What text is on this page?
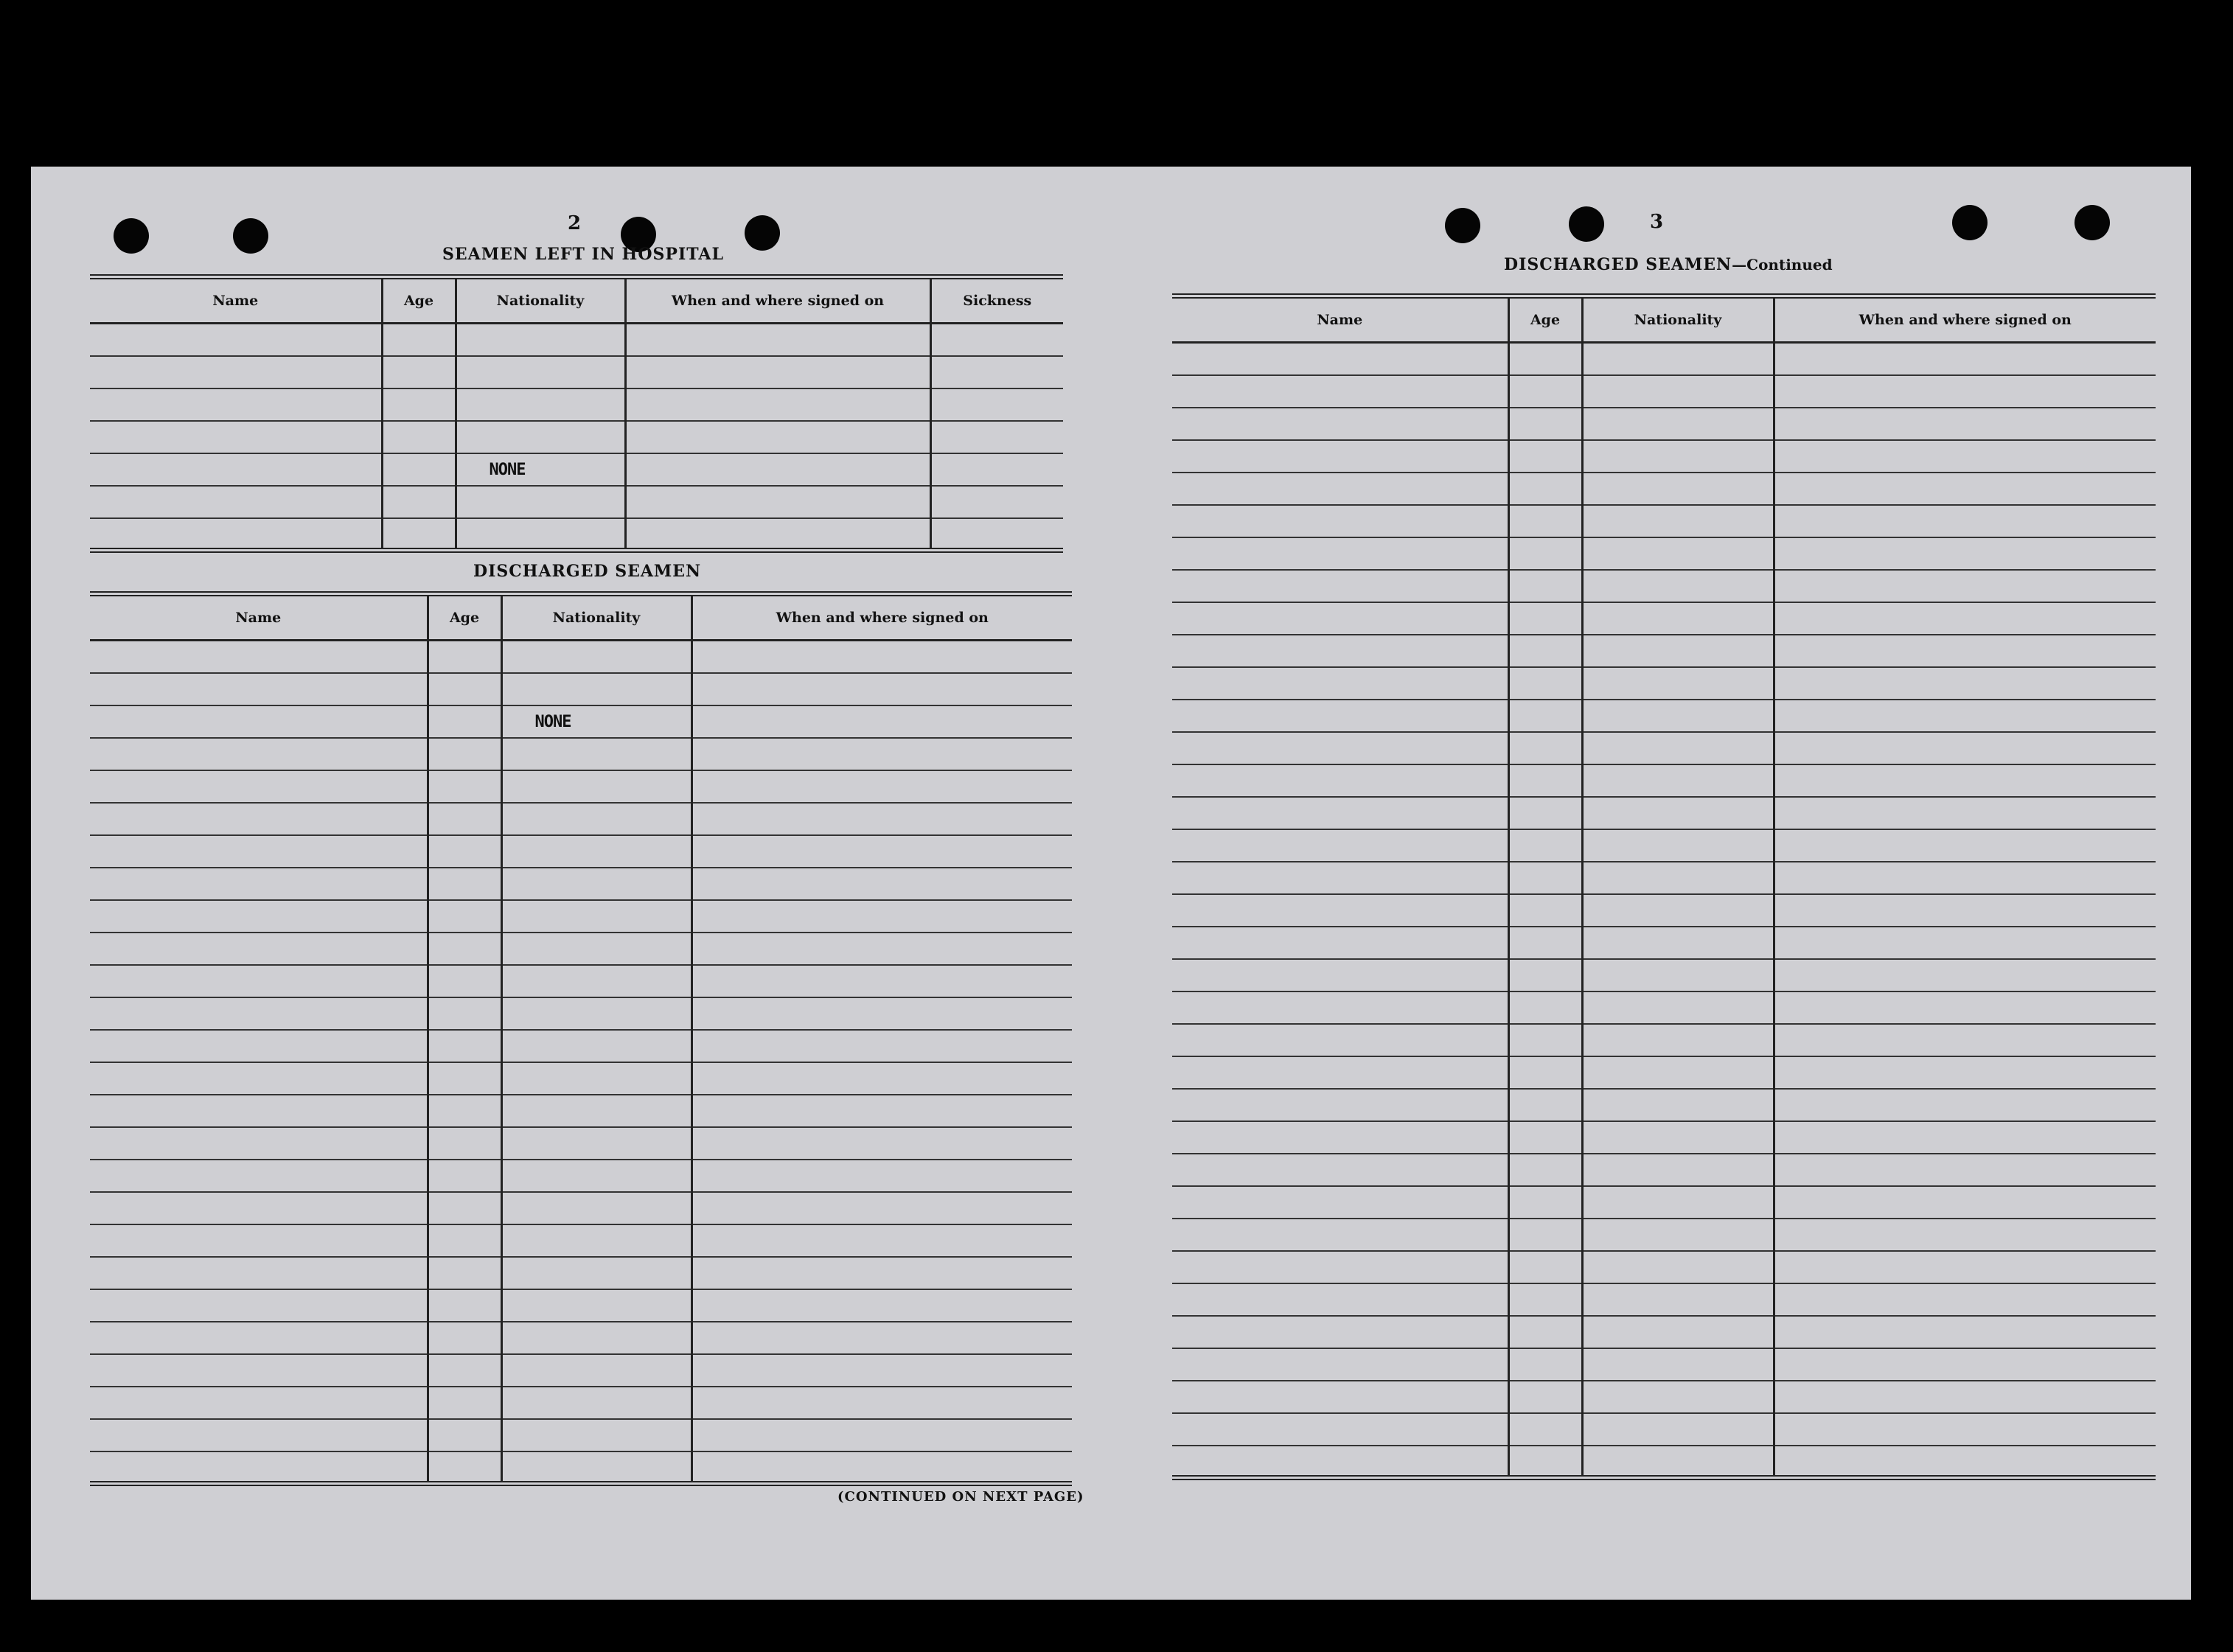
2
SEAMEN LEFT IN HOSPITAL
Name	Age	Nationality	When and where signed on	Sickness

		NONE		

DISCHARGED SEAMEN
Name	Age	Nationality	When and where signed on

		NONE	

(CONTINUED ON NEXT PAGE)
3
DISCHARGED SEAMEN—Continued
Name	Age	Nationality	When and where signed on
